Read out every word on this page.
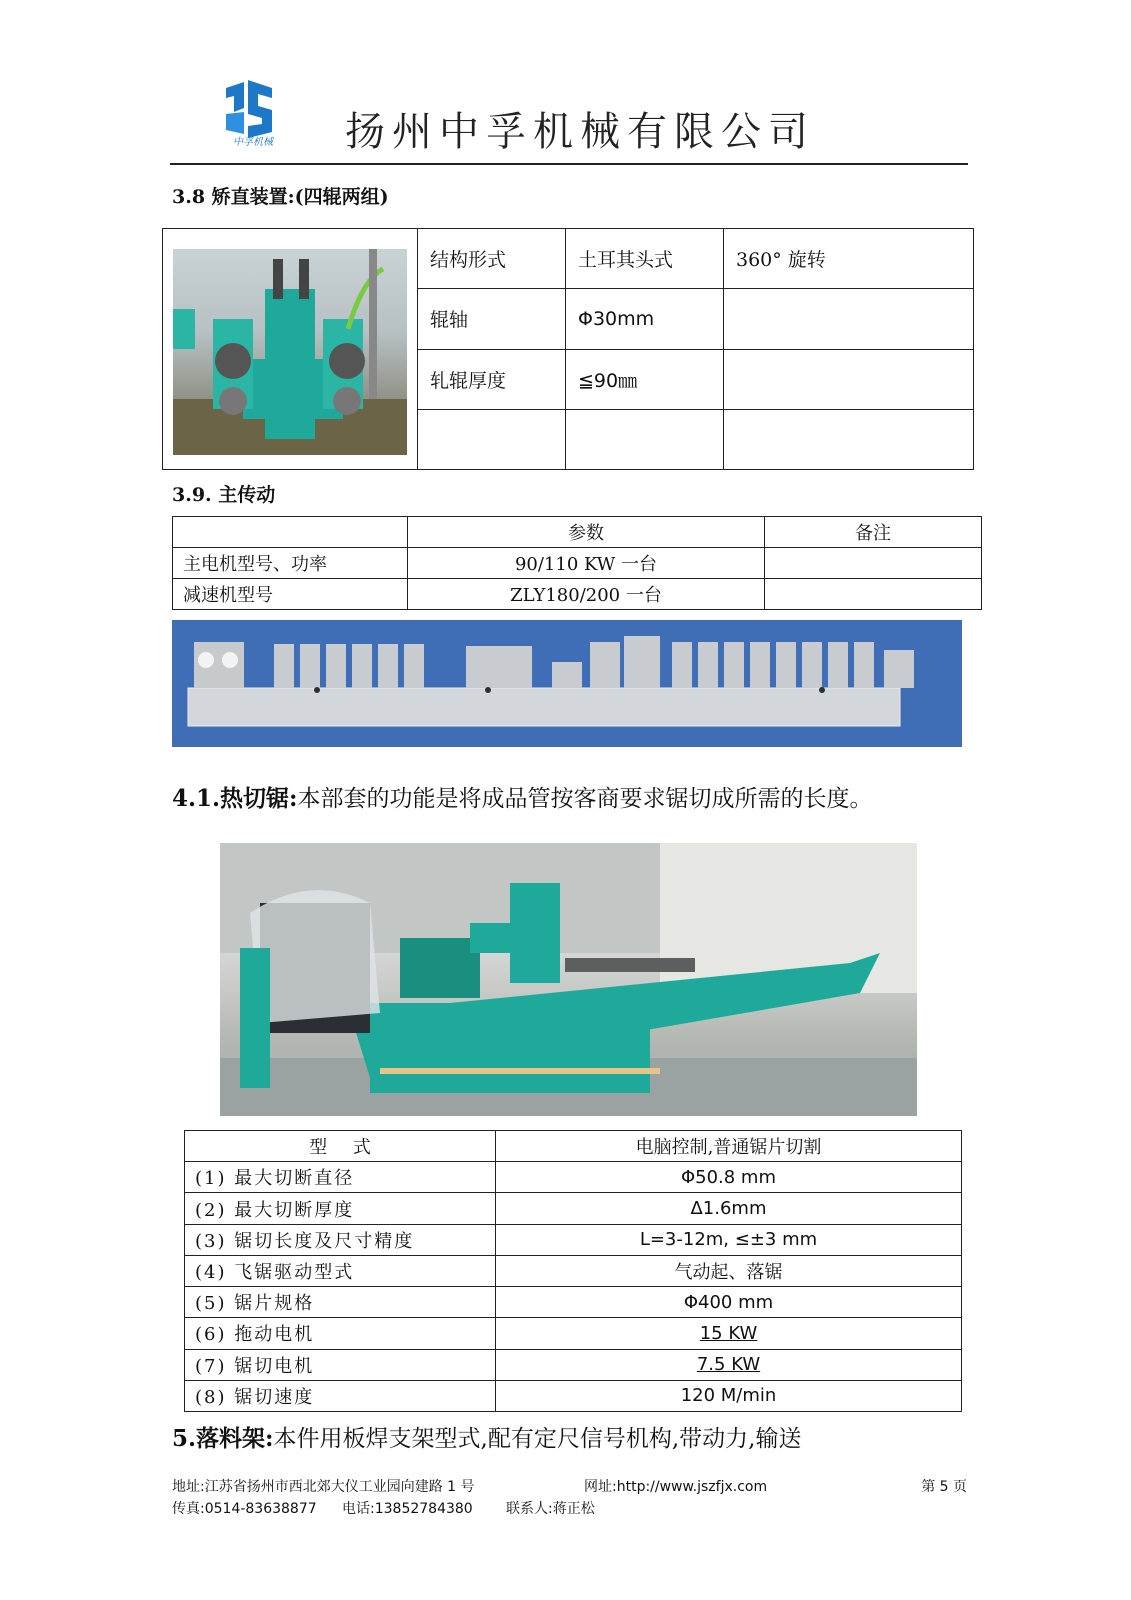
中孚机械	扬州中孚机械有限公司
3.8 矫直装置:(四辊两组)
	结构形式	土耳其头式	360° 旋转
	辊轴	Φ30mm	
	轧辊厚度	≦90㎜	

3.9. 主传动
	参数	备注
主电机型号、功率	90/110 KW 一台	
减速机型号	ZLY180/200 一台	
4.1.热切锯:本部套的功能是将成品管按客商要求锯切成所需的长度。
型 式	电脑控制,普通锯片切割
(1) 最大切断直径	Φ50.8 mm
(2) 最大切断厚度	Δ1.6mm
(3) 锯切长度及尺寸精度	L=3-12m, ≤±3 mm
(4) 飞锯驱动型式	气动起、落锯
(5) 锯片规格	Φ400 mm
(6) 拖动电机	15 KW
(7) 锯切电机	7.5 KW
(8) 锯切速度	120 M/min
5.落料架:本件用板焊支架型式,配有定尺信号机构,带动力,输送
地址:江苏省扬州市西北郊大仪工业园向建路 1 号	网址:http://www.jszfjx.com	第 5 页
传真:0514-83638877 电话:13852784380 联系人:蒋正松
